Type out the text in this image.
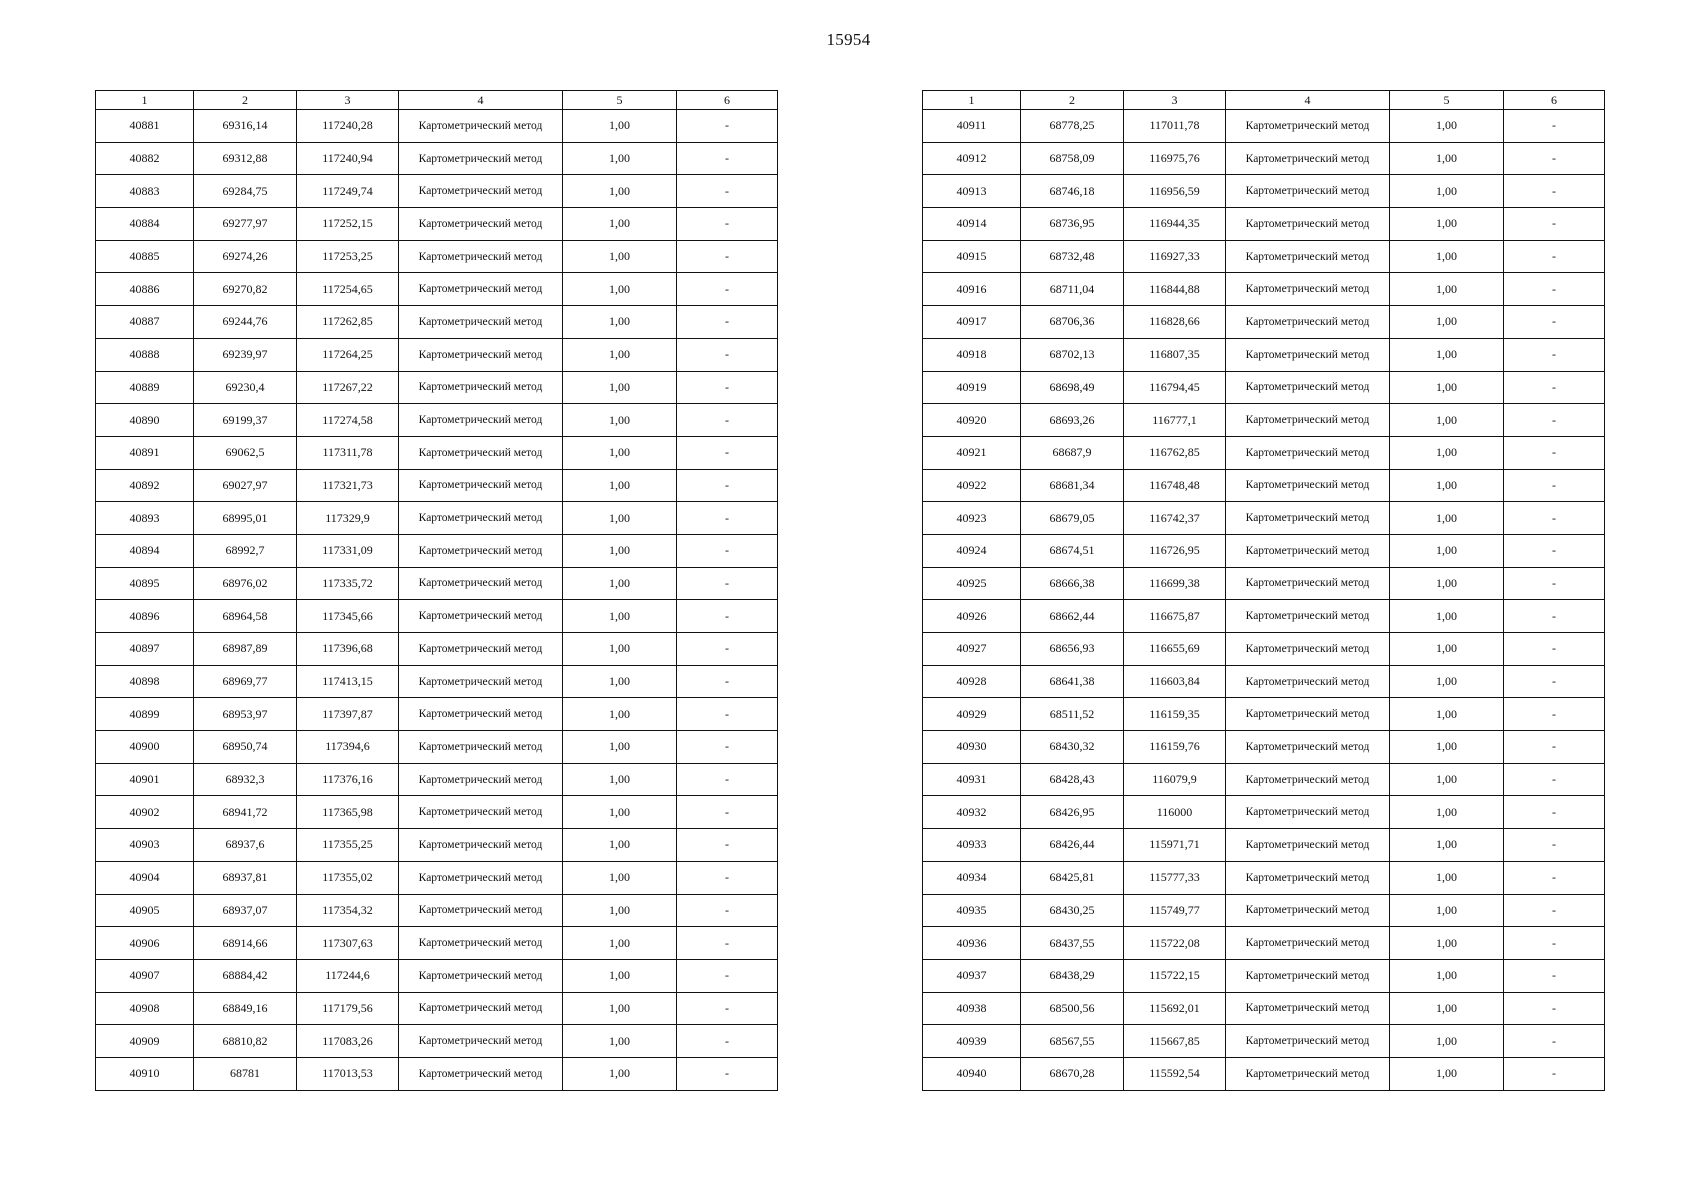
15954
1	2	3	4	5	6
40881	69316,14	117240,28	Картометрический метод	1,00	-
40882	69312,88	117240,94	Картометрический метод	1,00	-
40883	69284,75	117249,74	Картометрический метод	1,00	-
40884	69277,97	117252,15	Картометрический метод	1,00	-
40885	69274,26	117253,25	Картометрический метод	1,00	-
40886	69270,82	117254,65	Картометрический метод	1,00	-
40887	69244,76	117262,85	Картометрический метод	1,00	-
40888	69239,97	117264,25	Картометрический метод	1,00	-
40889	69230,4	117267,22	Картометрический метод	1,00	-
40890	69199,37	117274,58	Картометрический метод	1,00	-
40891	69062,5	117311,78	Картометрический метод	1,00	-
40892	69027,97	117321,73	Картометрический метод	1,00	-
40893	68995,01	117329,9	Картометрический метод	1,00	-
40894	68992,7	117331,09	Картометрический метод	1,00	-
40895	68976,02	117335,72	Картометрический метод	1,00	-
40896	68964,58	117345,66	Картометрический метод	1,00	-
40897	68987,89	117396,68	Картометрический метод	1,00	-
40898	68969,77	117413,15	Картометрический метод	1,00	-
40899	68953,97	117397,87	Картометрический метод	1,00	-
40900	68950,74	117394,6	Картометрический метод	1,00	-
40901	68932,3	117376,16	Картометрический метод	1,00	-
40902	68941,72	117365,98	Картометрический метод	1,00	-
40903	68937,6	117355,25	Картометрический метод	1,00	-
40904	68937,81	117355,02	Картометрический метод	1,00	-
40905	68937,07	117354,32	Картометрический метод	1,00	-
40906	68914,66	117307,63	Картометрический метод	1,00	-
40907	68884,42	117244,6	Картометрический метод	1,00	-
40908	68849,16	117179,56	Картометрический метод	1,00	-
40909	68810,82	117083,26	Картометрический метод	1,00	-
40910	68781	117013,53	Картометрический метод	1,00	-
1	2	3	4	5	6
40911	68778,25	117011,78	Картометрический метод	1,00	-
40912	68758,09	116975,76	Картометрический метод	1,00	-
40913	68746,18	116956,59	Картометрический метод	1,00	-
40914	68736,95	116944,35	Картометрический метод	1,00	-
40915	68732,48	116927,33	Картометрический метод	1,00	-
40916	68711,04	116844,88	Картометрический метод	1,00	-
40917	68706,36	116828,66	Картометрический метод	1,00	-
40918	68702,13	116807,35	Картометрический метод	1,00	-
40919	68698,49	116794,45	Картометрический метод	1,00	-
40920	68693,26	116777,1	Картометрический метод	1,00	-
40921	68687,9	116762,85	Картометрический метод	1,00	-
40922	68681,34	116748,48	Картометрический метод	1,00	-
40923	68679,05	116742,37	Картометрический метод	1,00	-
40924	68674,51	116726,95	Картометрический метод	1,00	-
40925	68666,38	116699,38	Картометрический метод	1,00	-
40926	68662,44	116675,87	Картометрический метод	1,00	-
40927	68656,93	116655,69	Картометрический метод	1,00	-
40928	68641,38	116603,84	Картометрический метод	1,00	-
40929	68511,52	116159,35	Картометрический метод	1,00	-
40930	68430,32	116159,76	Картометрический метод	1,00	-
40931	68428,43	116079,9	Картометрический метод	1,00	-
40932	68426,95	116000	Картометрический метод	1,00	-
40933	68426,44	115971,71	Картометрический метод	1,00	-
40934	68425,81	115777,33	Картометрический метод	1,00	-
40935	68430,25	115749,77	Картометрический метод	1,00	-
40936	68437,55	115722,08	Картометрический метод	1,00	-
40937	68438,29	115722,15	Картометрический метод	1,00	-
40938	68500,56	115692,01	Картометрический метод	1,00	-
40939	68567,55	115667,85	Картометрический метод	1,00	-
40940	68670,28	115592,54	Картометрический метод	1,00	-
